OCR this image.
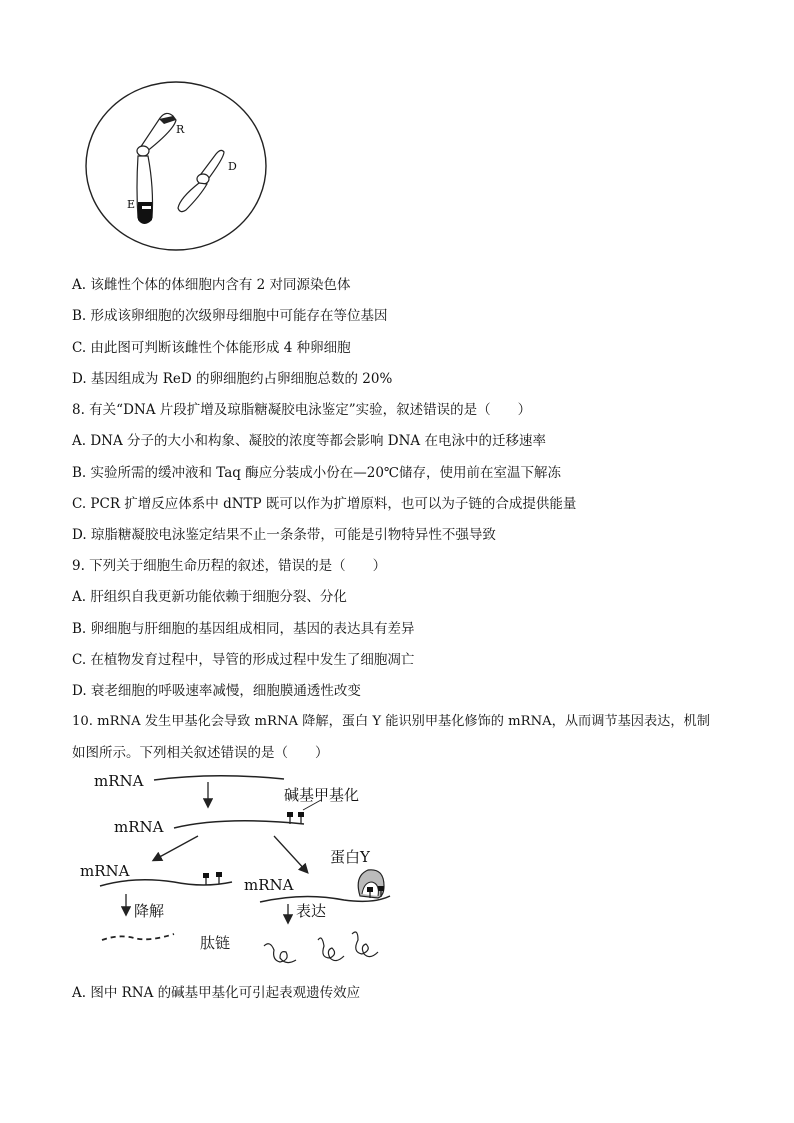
R
D
E
A. 该雌性个体的体细胞内含有 2 对同源染色体
B. 形成该卵细胞的次级卵母细胞中可能存在等位基因
C. 由此图可判断该雌性个体能形成 4 种卵细胞
D. 基因组成为 ReD 的卵细胞约占卵细胞总数的 20%
8. 有关“DNA 片段扩增及琼脂糖凝胶电泳鉴定”实验，叙述错误的是（　　）
A. DNA 分子的大小和构象、凝胶的浓度等都会影响 DNA 在电泳中的迁移速率
B. 实验所需的缓冲液和 Taq 酶应分装成小份在—20℃储存，使用前在室温下解冻
C. PCR 扩增反应体系中 dNTP 既可以作为扩增原料，也可以为子链的合成提供能量
D. 琼脂糖凝胶电泳鉴定结果不止一条条带，可能是引物特异性不强导致
9. 下列关于细胞生命历程的叙述，错误的是（　　）
A. 肝组织自我更新功能依赖于细胞分裂、分化
B. 卵细胞与肝细胞的基因组成相同，基因的表达具有差异
C. 在植物发育过程中，导管的形成过程中发生了细胞凋亡
D. 衰老细胞的呼吸速率减慢，细胞膜通透性改变
10. mRNA 发生甲基化会导致 mRNA 降解，蛋白 Y 能识别甲基化修饰的 mRNA，从而调节基因表达，机制
如图所示。下列相关叙述错误的是（　　）
mRNA
碱基甲基化
mRNA
mRNA
降解
mRNA
蛋白Y
表达
肽链
A. 图中 RNA 的碱基甲基化可引起表观遗传效应
